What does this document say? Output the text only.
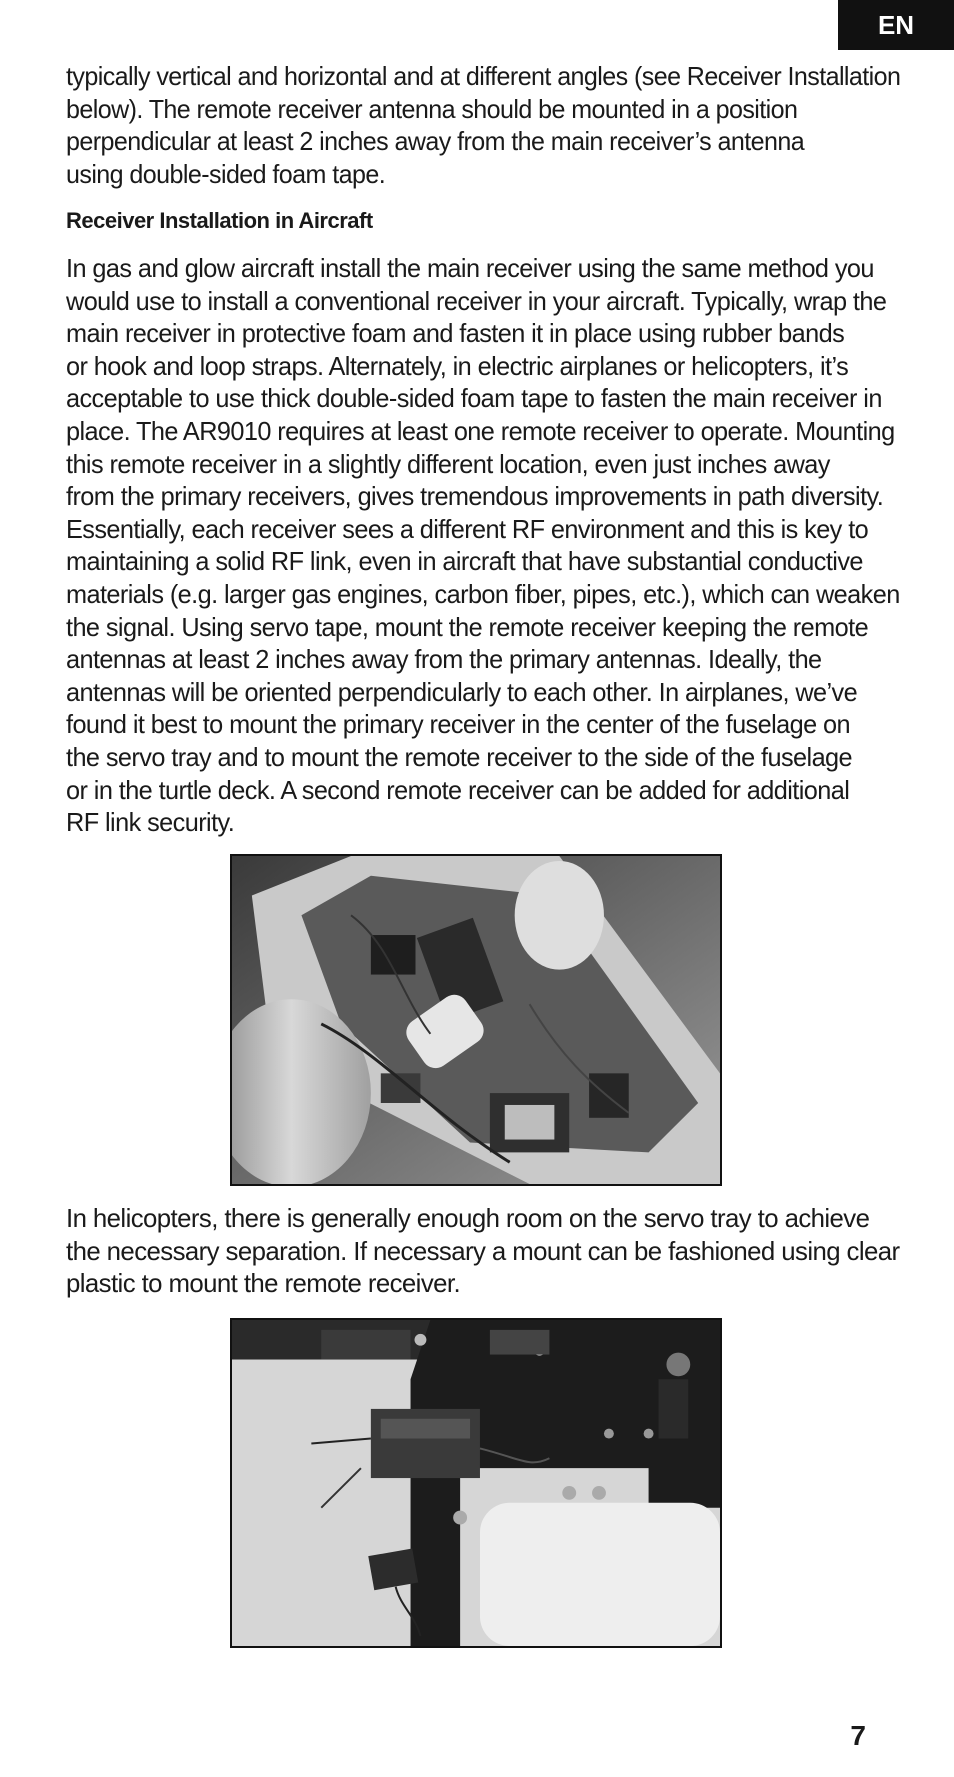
EN
typically vertical and horizontal and at different angles (see Receiver Installation
below). The remote receiver antenna should be mounted in a position
perpendicular at least 2 inches away from the main receiver’s antenna
using double-sided foam tape.
Receiver Installation in Aircraft
In gas and glow aircraft install the main receiver using the same method you
would use to install a conventional receiver in your aircraft. Typically, wrap the
main receiver in protective foam and fasten it in place using rubber bands
or hook and loop straps. Alternately, in electric airplanes or helicopters, it’s
acceptable to use thick double-sided foam tape to fasten the main receiver in
place. The AR9010 requires at least one remote receiver to operate. Mounting
this remote receiver in a slightly different location, even just inches away
from the primary receivers, gives tremendous improvements in path diversity.
Essentially, each receiver sees a different RF environment and this is key to
maintaining a solid RF link, even in aircraft that have substantial conductive
materials (e.g. larger gas engines, carbon fiber, pipes, etc.), which can weaken
the signal. Using servo tape, mount the remote receiver keeping the remote
antennas at least 2 inches away from the primary antennas. Ideally, the
antennas will be oriented perpendicularly to each other. In airplanes, we’ve
found it best to mount the primary receiver in the center of the fuselage on
the servo tray and to mount the remote receiver to the side of the fuselage
or in the turtle deck. A second remote receiver can be added for additional
RF link security.
In helicopters, there is generally enough room on the servo tray to achieve
the necessary separation. If necessary a mount can be fashioned using clear
plastic to mount the remote receiver.
7
